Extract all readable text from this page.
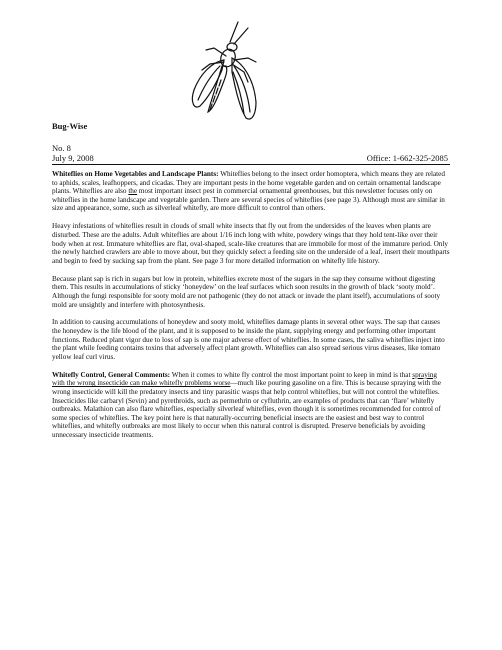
Bug-Wise
No. 8
July 9, 2008	Office: 1-662-325-2085

Whiteflies on Home Vegetables and Landscape Plants: Whiteflies belong to the insect order homoptera, which means they are related to aphids, scales, leafhoppers, and cicadas. They are important pests in the home vegetable garden and on certain ornamental landscape plants. Whiteflies are also the most important insect pest in commercial ornamental greenhouses, but this newsletter focuses only on whiteflies in the home landscape and vegetable garden. There are several species of whiteflies (see page 3). Although most are similar in size and appearance, some, such as silverleaf whitefly, are more difficult to control than others.

Heavy infestations of whiteflies result in clouds of small white insects that fly out from the undersides of the leaves when plants are disturbed. These are the adults. Adult whiteflies are about 1/16 inch long with white, powdery wings that they hold tent-like over their body when at rest. Immature whiteflies are flat, oval-shaped, scale-like creatures that are immobile for most of the immature period. Only the newly hatched crawlers are able to move about, but they quickly select a feeding site on the underside of a leaf, insert their mouthparts and begin to feed by sucking sap from the plant. See page 3 for more detailed information on whitefly life history.

Because plant sap is rich in sugars but low in protein, whiteflies excrete most of the sugars in the sap they consume without digesting them. This results in accumulations of sticky ‘honeydew’ on the leaf surfaces which soon results in the growth of black ‘sooty mold’. Although the fungi responsible for sooty mold are not pathogenic (they do not attack or invade the plant itself), accumulations of sooty mold are unsightly and interfere with photosynthesis.

In addition to causing accumulations of honeydew and sooty mold, whiteflies damage plants in several other ways. The sap that causes the honeydew is the life blood of the plant, and it is supposed to be inside the plant, supplying energy and performing other important functions. Reduced plant vigor due to loss of sap is one major adverse effect of whiteflies. In some cases, the saliva whiteflies inject into the plant while feeding contains toxins that adversely affect plant growth. Whiteflies can also spread serious virus diseases, like tomato yellow leaf curl virus.

Whitefly Control, General Comments: When it comes to white fly control the most important point to keep in mind is that spraying with the wrong insecticide can make whitefly problems worse—much like pouring gasoline on a fire. This is because spraying with the wrong insecticide will kill the predatory insects and tiny parasitic wasps that help control whiteflies, but will not control the whiteflies. Insecticides like carbaryl (Sevin) and pyrethroids, such as permethrin or cyfluthrin, are examples of products that can ‘flare’ whitefly outbreaks. Malathion can also flare whiteflies, especially silverleaf whiteflies, even though it is sometimes recommended for control of some species of whiteflies. The key point here is that naturally-occurring beneficial insects are the easiest and best way to control whiteflies, and whitefly outbreaks are most likely to occur when this natural control is disrupted. Preserve beneficials by avoiding unnecessary insecticide treatments.
